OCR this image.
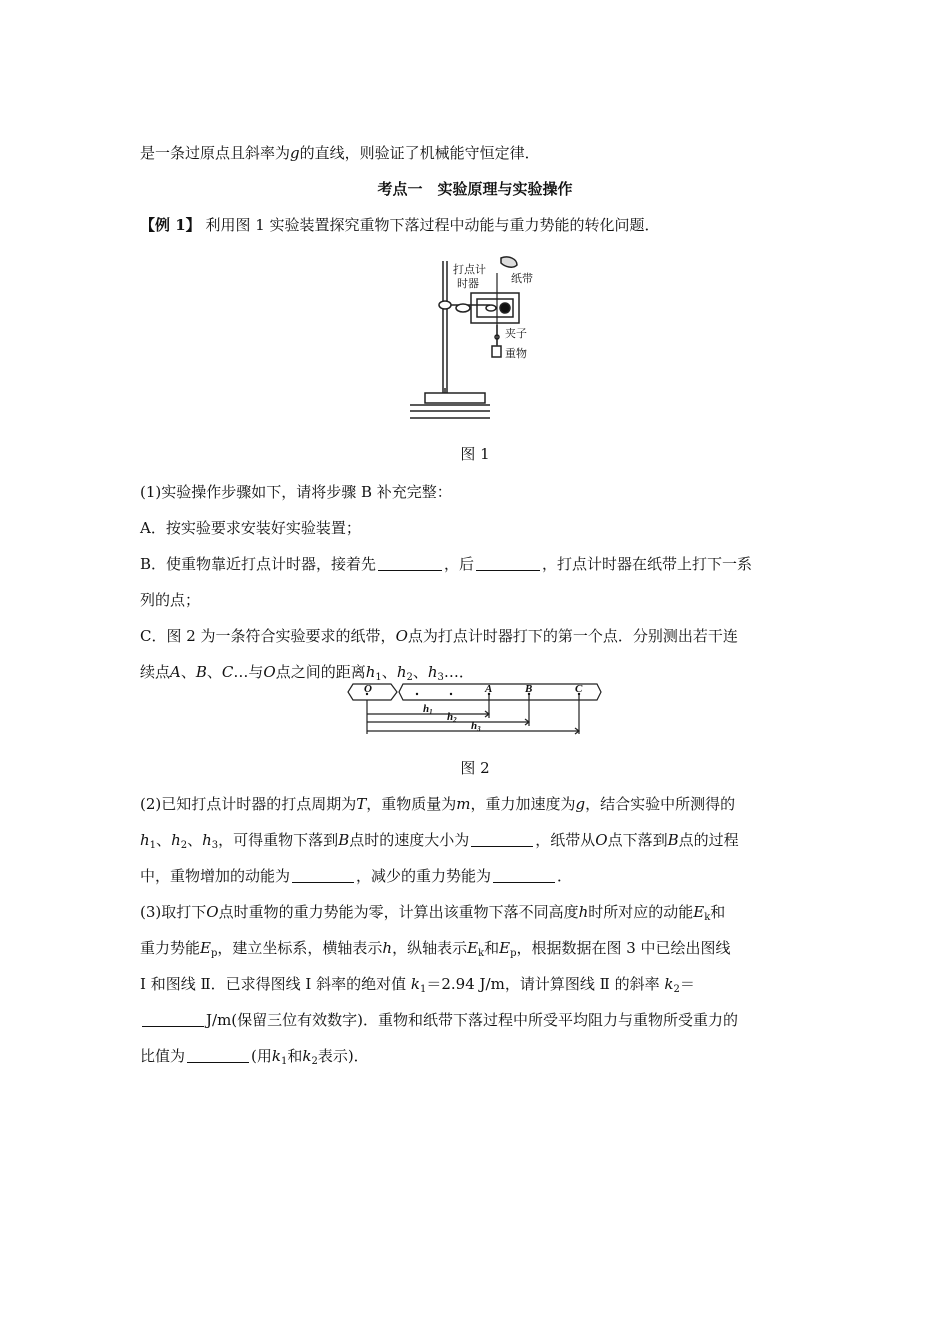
是一条过原点且斜率为g的直线，则验证了机械能守恒定律．
考点一　实验原理与实验操作
【例 1】 利用图 1 实验装置探究重物下落过程中动能与重力势能的转化问题．
打点计
时器	纸带
夹子
重物
图 1
(1)实验操作步骤如下，请将步骤 B 补充完整：
A．按实验要求安装好实验装置；
B．使重物靠近打点计时器，接着先	，后	，打点计时器在纸带上打下一系
列的点；
C．图 2 为一条符合实验要求的纸带，O点为打点计时器打下的第一个点．分别测出若干连
续点A、B、C…与O点之间的距离$h_1$、$h_2$、$h_3\dots$．
O	A	B	C
h1 h2 h3
图 2
(2)已知打点计时器的打点周期为T，重物质量为m，重力加速度为g，结合实验中所测得的
$h_1$、$h_2$、$h_3$，可得重物下落到B点时的速度大小为	，纸带从O点下落到B点的过程
中，重物增加的动能为	，减少的重力势能为	．
(3)取打下O点时重物的重力势能为零，计算出该重物下落不同高度h时所对应的动能$E_k$和
重力势能$E_p$，建立坐标系，横轴表示h，纵轴表示$E_k$和$E_p$，根据数据在图 3 中已绘出图线
Ⅰ 和图线 Ⅱ．已求得图线 Ⅰ 斜率的绝对值 $k_1=2.94$ J/m，请计算图线 Ⅱ 的斜率 $k_2=$
J/m(保留三位有效数字)．重物和纸带下落过程中所受平均阻力与重物所受重力的
比值为	(用$k_1$和$k_2$表示)．
